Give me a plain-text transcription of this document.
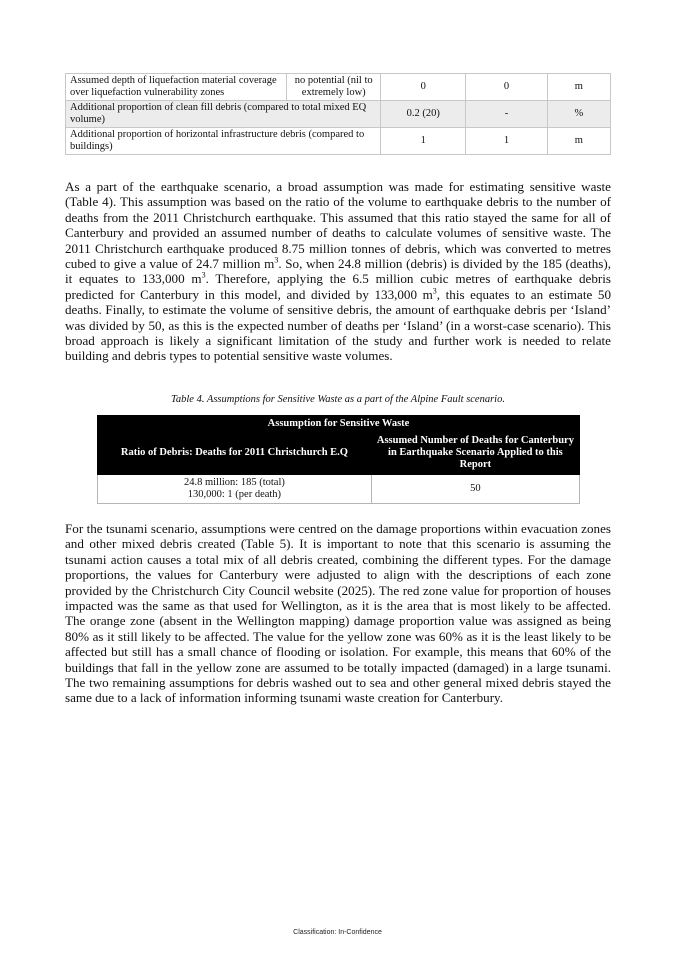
Assumed depth of liquefaction material coverage over liquefaction vulnerability zones	no potential (nil to extremely low)	0	0	m
Additional proportion of clean fill debris (compared to total mixed EQ volume)		0.2 (20)	-	%
Additional proportion of horizontal infrastructure debris (compared to buildings)		1	1	m

As a part of the earthquake scenario, a broad assumption was made for estimating sensitive waste (Table 4). This assumption was based on the ratio of the volume to earthquake debris to the number of deaths from the 2011 Christchurch earthquake. This assumed that this ratio stayed the same for all of Canterbury and provided an assumed number of deaths to calculate volumes of sensitive waste. The 2011 Christchurch earthquake produced 8.75 million tonnes of debris, which was converted to metres cubed to give a value of 24.7 million $m^3$. So, when 24.8 million (debris) is divided by the 185 (deaths), it equates to 133,000 $m^3$. Therefore, applying the 6.5 million cubic metres of earthquake debris predicted for Canterbury in this model, and divided by 133,000 $m^3$, this equates to an estimate 50 deaths. Finally, to estimate the volume of sensitive debris, the amount of earthquake debris per ‘Island’ was divided by 50, as this is the expected number of deaths per ‘Island’ (in a worst-case scenario). This broad approach is likely a significant limitation of the study and further work is needed to relate building and debris types to potential sensitive waste volumes.

Table 4. Assumptions for Sensitive Waste as a part of the Alpine Fault scenario.

Assumption for Sensitive Waste	
Ratio of Debris: Deaths for 2011 Christchurch E.Q	Assumed Number of Deaths for Canterbury in Earthquake Scenario Applied to this Report

24.8 million: 185 (total)
130,000: 1 (per death)	50

For the tsunami scenario, assumptions were centred on the damage proportions within evacuation zones and other mixed debris created (Table 5). It is important to note that this scenario is assuming the tsunami action causes a total mix of all debris created, combining the different types. For the damage proportions, the values for Canterbury were adjusted to align with the descriptions of each zone provided by the Christchurch City Council website (2025). The red zone value for proportion of houses impacted was the same as that used for Wellington, as it is the area that is most likely to be affected. The orange zone (absent in the Wellington mapping) damage proportion value was assigned as being 80% as it still likely to be affected. The value for the yellow zone was 60% as it is the least likely to be affected but still has a small chance of flooding or isolation. For example, this means that 60% of the buildings that fall in the yellow zone are assumed to be totally impacted (damaged) in a large tsunami. The two remaining assumptions for debris washed out to sea and other general mixed debris stayed the same due to a lack of information informing tsunami waste creation for Canterbury.

Classification: In-Confidence
